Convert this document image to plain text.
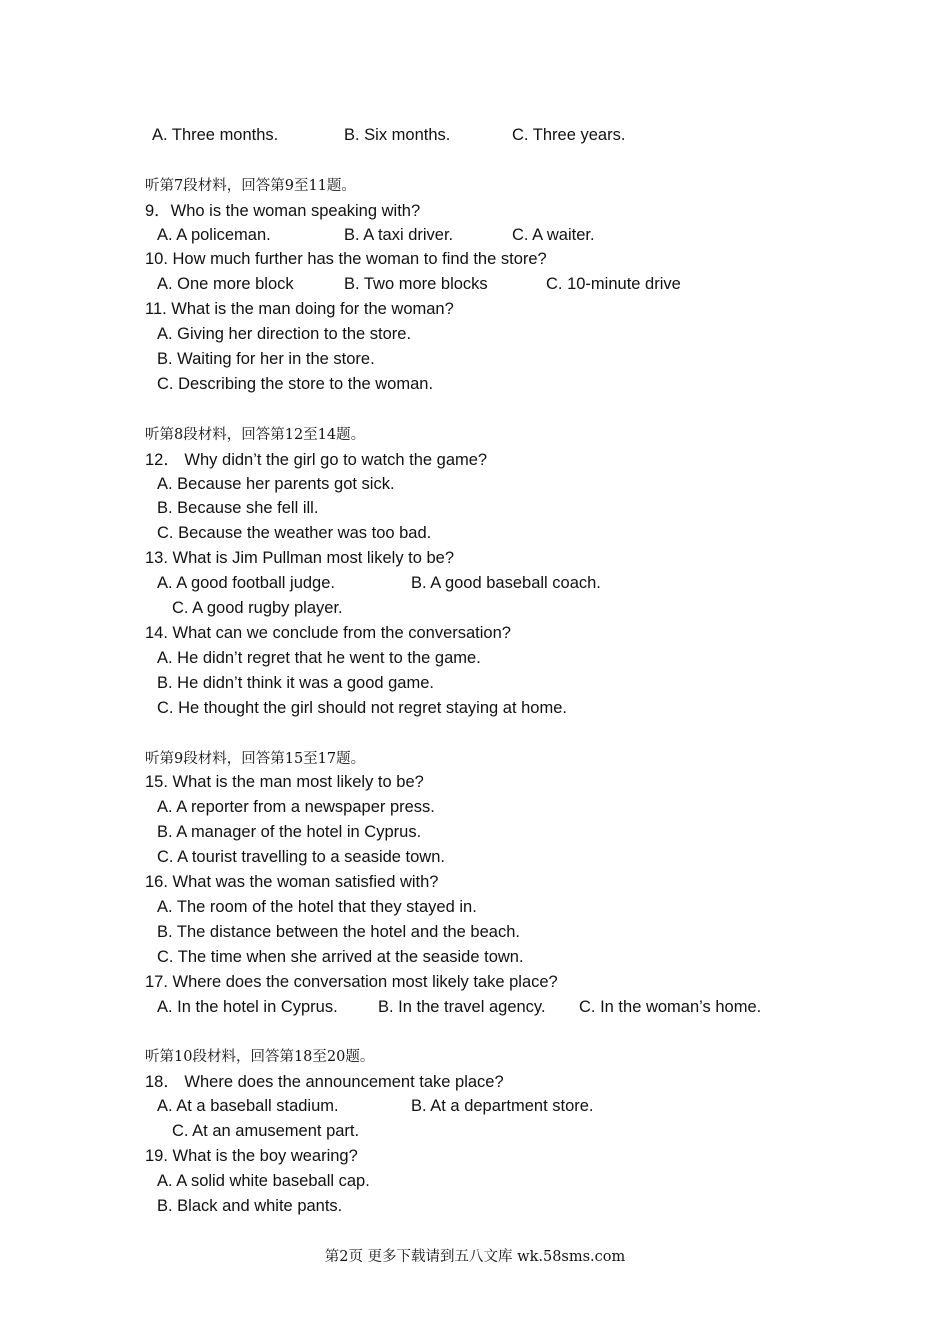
A. Three months.	B. Six months.	C. Three years.
听第7段材料，回答第9至11题。
9．Who is the woman speaking with?
A. A policeman.	B. A taxi driver.	C. A waiter.
10. How much further has the woman to find the store?
A. One more block	B. Two more blocks	C. 10-minute drive
11. What is the man doing for the woman?
A. Giving her direction to the store.
B. Waiting for her in the store.
C. Describing the store to the woman.
听第8段材料，回答第12至14题。
12． Why didn’t the girl go to watch the game?
A. Because her parents got sick.
B. Because she fell ill.
C. Because the weather was too bad.
13. What is Jim Pullman most likely to be?
A. A good football judge.	B. A good baseball coach.
C. A good rugby player.
14. What can we conclude from the conversation?
A. He didn’t regret that he went to the game.
B. He didn’t think it was a good game.
C. He thought the girl should not regret staying at home.
听第9段材料，回答第15至17题。
15. What is the man most likely to be?
A. A reporter from a newspaper press.
B. A manager of the hotel in Cyprus.
C. A tourist travelling to a seaside town.
16. What was the woman satisfied with?
A. The room of the hotel that they stayed in.
B. The distance between the hotel and the beach.
C. The time when she arrived at the seaside town.
17. Where does the conversation most likely take place?
A. In the hotel in Cyprus. B. In the travel agency. C. In the woman’s home.
听第10段材料，回答第18至20题。
18． Where does the announcement take place?
A. At a baseball stadium.	B. At a department store.
C. At an amusement part.
19. What is the boy wearing?
A. A solid white baseball cap.
B. Black and white pants.
第2页 更多下载请到五八文库 wk.58sms.com
